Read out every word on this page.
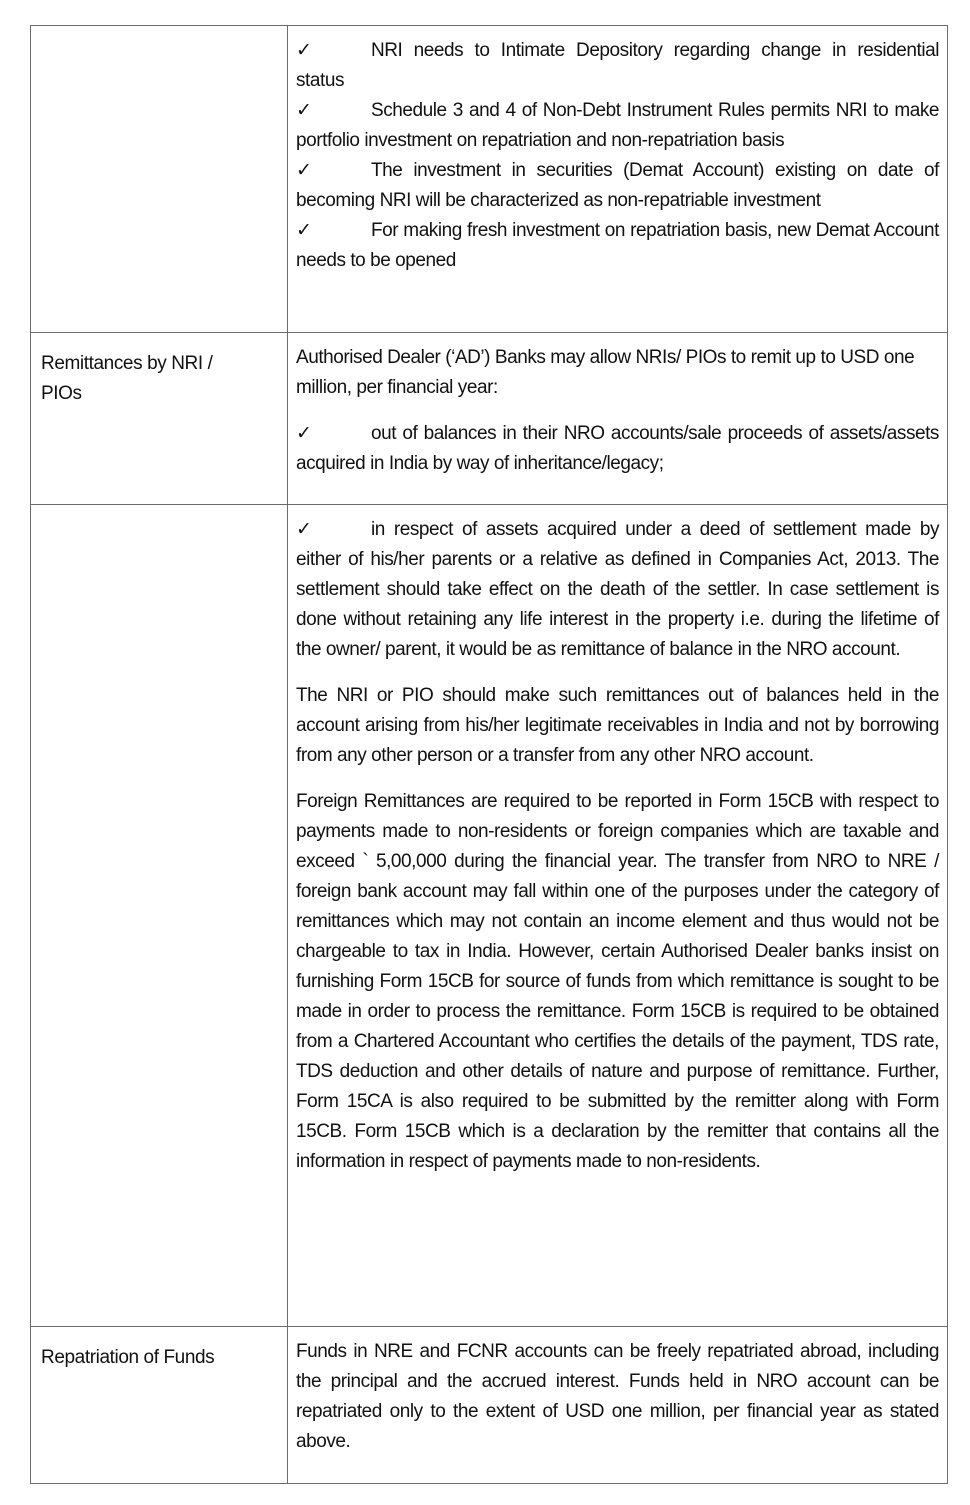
	✓ NRI needs to Intimate Depository regarding change in residential status

✓ Schedule 3 and 4 of Non-Debt Instrument Rules permits NRI to make portfolio investment on repatriation and non-repatriation basis

✓ The investment in securities (Demat Account) existing on date of becoming NRI will be characterized as non-repatriable investment

✓ For making fresh investment on repatriation basis, new Demat Account needs to be opened

Remittances by NRI / PIOs	Authorised Dealer (‘AD’) Banks may allow NRIs/ PIOs to remit up to USD one million, per financial year:

✓ out of balances in their NRO accounts/sale proceeds of assets/assets acquired in India by way of inheritance/legacy;

	✓ in respect of assets acquired under a deed of settlement made by either of his/her parents or a relative as defined in Companies Act, 2013. The settlement should take effect on the death of the settler. In case settlement is done without retaining any life interest in the property i.e. during the lifetime of the owner/ parent, it would be as remittance of balance in the NRO account.

The NRI or PIO should make such remittances out of balances held in the account arising from his/her legitimate receivables in India and not by borrowing from any other person or a transfer from any other NRO account.

Foreign Remittances are required to be reported in Form 15CB with respect to payments made to non-residents or foreign companies which are taxable and exceed ` 5,00,000 during the financial year. The transfer from NRO to NRE / foreign bank account may fall within one of the purposes under the category of remittances which may not contain an income element and thus would not be chargeable to tax in India. However, certain Authorised Dealer banks insist on furnishing Form 15CB for source of funds from which remittance is sought to be made in order to process the remittance. Form 15CB is required to be obtained from a Chartered Accountant who certifies the details of the payment, TDS rate, TDS deduction and other details of nature and purpose of remittance. Further, Form 15CA is also required to be submitted by the remitter along with Form 15CB. Form 15CB which is a declaration by the remitter that contains all the information in respect of payments made to non-residents.

Repatriation of Funds	Funds in NRE and FCNR accounts can be freely repatriated abroad, including the principal and the accrued interest. Funds held in NRO account can be repatriated only to the extent of USD one million, per financial year as stated above.
